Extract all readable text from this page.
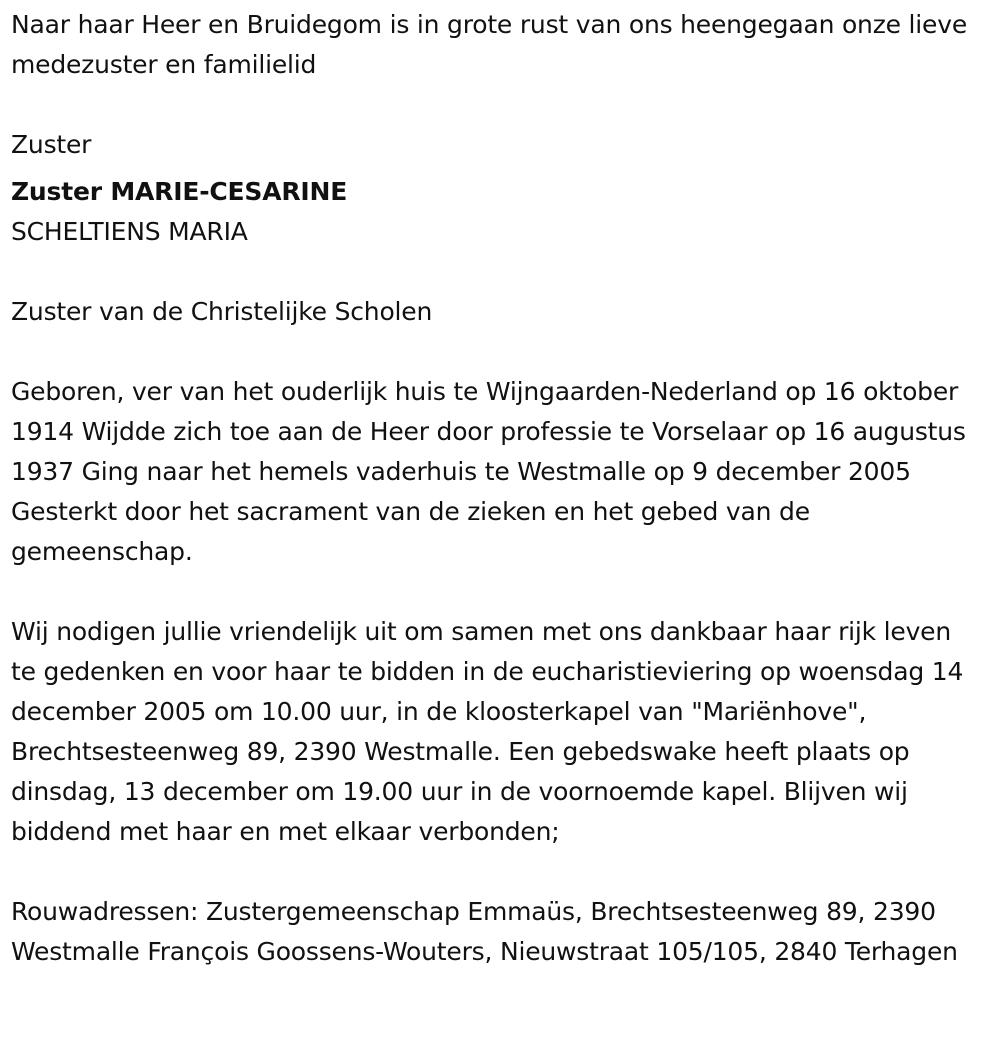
Naar haar Heer en Bruidegom is in grote rust van ons heengegaan onze lieve medezuster en familielid

Zuster
Zuster MARIE-CESARINE
SCHELTIENS MARIA

Zuster van de Christelijke Scholen

Geboren, ver van het ouderlijk huis te Wijngaarden-Nederland op 16 oktober 1914 Wijdde zich toe aan de Heer door professie te Vorselaar op 16 augustus 1937 Ging naar het hemels vaderhuis te Westmalle op 9 december 2005 Gesterkt door het sacrament van de zieken en het gebed van de gemeenschap.

Wij nodigen jullie vriendelijk uit om samen met ons dankbaar haar rijk leven te gedenken en voor haar te bidden in de eucharistieviering op woensdag 14 december 2005 om 10.00 uur, in de kloosterkapel van "Mariënhove", Brechtsesteenweg 89, 2390 Westmalle. Een gebedswake heeft plaats op dinsdag, 13 december om 19.00 uur in de voornoemde kapel. Blijven wij biddend met haar en met elkaar verbonden;

Rouwadressen: Zustergemeenschap Emmaüs, Brechtsesteenweg 89, 2390 Westmalle François Goossens-Wouters, Nieuwstraat 105/105, 2840 Terhagen
